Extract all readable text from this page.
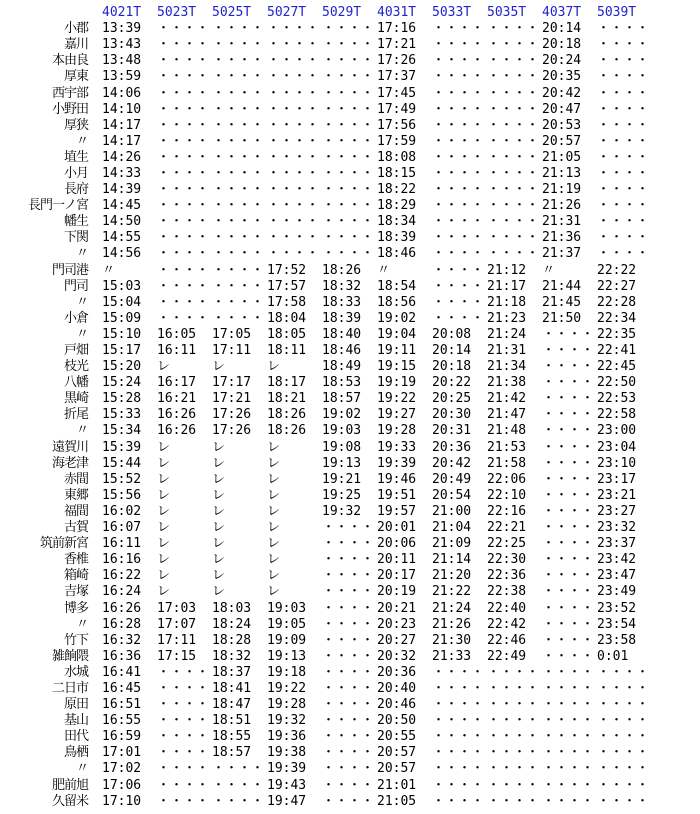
	4021T	5023T	5025T	5027T	5029T	4031T	5033T	5035T	4037T	5039T
小郡	13:39	・・・・	・・・・	・・・・	・・・・	17:16	・・・・	・・・・	20:14	・・・・
嘉川	13:43	・・・・	・・・・	・・・・	・・・・	17:21	・・・・	・・・・	20:18	・・・・
本由良	13:48	・・・・	・・・・	・・・・	・・・・	17:26	・・・・	・・・・	20:24	・・・・
厚東	13:59	・・・・	・・・・	・・・・	・・・・	17:37	・・・・	・・・・	20:35	・・・・
西宇部	14:06	・・・・	・・・・	・・・・	・・・・	17:45	・・・・	・・・・	20:42	・・・・
小野田	14:10	・・・・	・・・・	・・・・	・・・・	17:49	・・・・	・・・・	20:47	・・・・
厚狭	14:17	・・・・	・・・・	・・・・	・・・・	17:56	・・・・	・・・・	20:53	・・・・
〃	14:17	・・・・	・・・・	・・・・	・・・・	17:59	・・・・	・・・・	20:57	・・・・
埴生	14:26	・・・・	・・・・	・・・・	・・・・	18:08	・・・・	・・・・	21:05	・・・・
小月	14:33	・・・・	・・・・	・・・・	・・・・	18:15	・・・・	・・・・	21:13	・・・・
長府	14:39	・・・・	・・・・	・・・・	・・・・	18:22	・・・・	・・・・	21:19	・・・・
長門一ノ宮	14:45	・・・・	・・・・	・・・・	・・・・	18:29	・・・・	・・・・	21:26	・・・・
幡生	14:50	・・・・	・・・・	・・・・	・・・・	18:34	・・・・	・・・・	21:31	・・・・
下関	14:55	・・・・	・・・・	・・・・	・・・・	18:39	・・・・	・・・・	21:36	・・・・
〃	14:56	・・・・	・・・・	・・・・	・・・・	18:46	・・・・	・・・・	21:37	・・・・
門司港	〃	・・・・	・・・・	17:52	18:26	〃	・・・・	21:12	〃	22:22
門司	15:03	・・・・	・・・・	17:57	18:32	18:54	・・・・	21:17	21:44	22:27
〃	15:04	・・・・	・・・・	17:58	18:33	18:56	・・・・	21:18	21:45	22:28
小倉	15:09	・・・・	・・・・	18:04	18:39	19:02	・・・・	21:23	21:50	22:34
〃	15:10	16:05	17:05	18:05	18:40	19:04	20:08	21:24	・・・・	22:35
戸畑	15:17	16:11	17:11	18:11	18:46	19:11	20:14	21:31	・・・・	22:41
枝光	15:20	レ	レ	レ	18:49	19:15	20:18	21:34	・・・・	22:45
八幡	15:24	16:17	17:17	18:17	18:53	19:19	20:22	21:38	・・・・	22:50
黒崎	15:28	16:21	17:21	18:21	18:57	19:22	20:25	21:42	・・・・	22:53
折尾	15:33	16:26	17:26	18:26	19:02	19:27	20:30	21:47	・・・・	22:58
〃	15:34	16:26	17:26	18:26	19:03	19:28	20:31	21:48	・・・・	23:00
遠賀川	15:39	レ	レ	レ	19:08	19:33	20:36	21:53	・・・・	23:04
海老津	15:44	レ	レ	レ	19:13	19:39	20:42	21:58	・・・・	23:10
赤間	15:52	レ	レ	レ	19:21	19:46	20:49	22:06	・・・・	23:17
東郷	15:56	レ	レ	レ	19:25	19:51	20:54	22:10	・・・・	23:21
福間	16:02	レ	レ	レ	19:32	19:57	21:00	22:16	・・・・	23:27
古賀	16:07	レ	レ	レ	・・・・	20:01	21:04	22:21	・・・・	23:32
筑前新宮	16:11	レ	レ	レ	・・・・	20:06	21:09	22:25	・・・・	23:37
香椎	16:16	レ	レ	レ	・・・・	20:11	21:14	22:30	・・・・	23:42
箱崎	16:22	レ	レ	レ	・・・・	20:17	21:20	22:36	・・・・	23:47
吉塚	16:24	レ	レ	レ	・・・・	20:19	21:22	22:38	・・・・	23:49
博多	16:26	17:03	18:03	19:03	・・・・	20:21	21:24	22:40	・・・・	23:52
〃	16:28	17:07	18:24	19:05	・・・・	20:23	21:26	22:42	・・・・	23:54
竹下	16:32	17:11	18:28	19:09	・・・・	20:27	21:30	22:46	・・・・	23:58
雑餉隈	16:36	17:15	18:32	19:13	・・・・	20:32	21:33	22:49	・・・・	0:01
水城	16:41	・・・・	18:37	19:18	・・・・	20:36	・・・・	・・・・	・・・・	・・・・
二日市	16:45	・・・・	18:41	19:22	・・・・	20:40	・・・・	・・・・	・・・・	・・・・
原田	16:51	・・・・	18:47	19:28	・・・・	20:46	・・・・	・・・・	・・・・	・・・・
基山	16:55	・・・・	18:51	19:32	・・・・	20:50	・・・・	・・・・	・・・・	・・・・
田代	16:59	・・・・	18:55	19:36	・・・・	20:55	・・・・	・・・・	・・・・	・・・・
鳥栖	17:01	・・・・	18:57	19:38	・・・・	20:57	・・・・	・・・・	・・・・	・・・・
〃	17:02	・・・・	・・・・	19:39	・・・・	20:57	・・・・	・・・・	・・・・	・・・・
肥前旭	17:06	・・・・	・・・・	19:43	・・・・	21:01	・・・・	・・・・	・・・・	・・・・
久留米	17:10	・・・・	・・・・	19:47	・・・・	21:05	・・・・	・・・・	・・・・	・・・・
